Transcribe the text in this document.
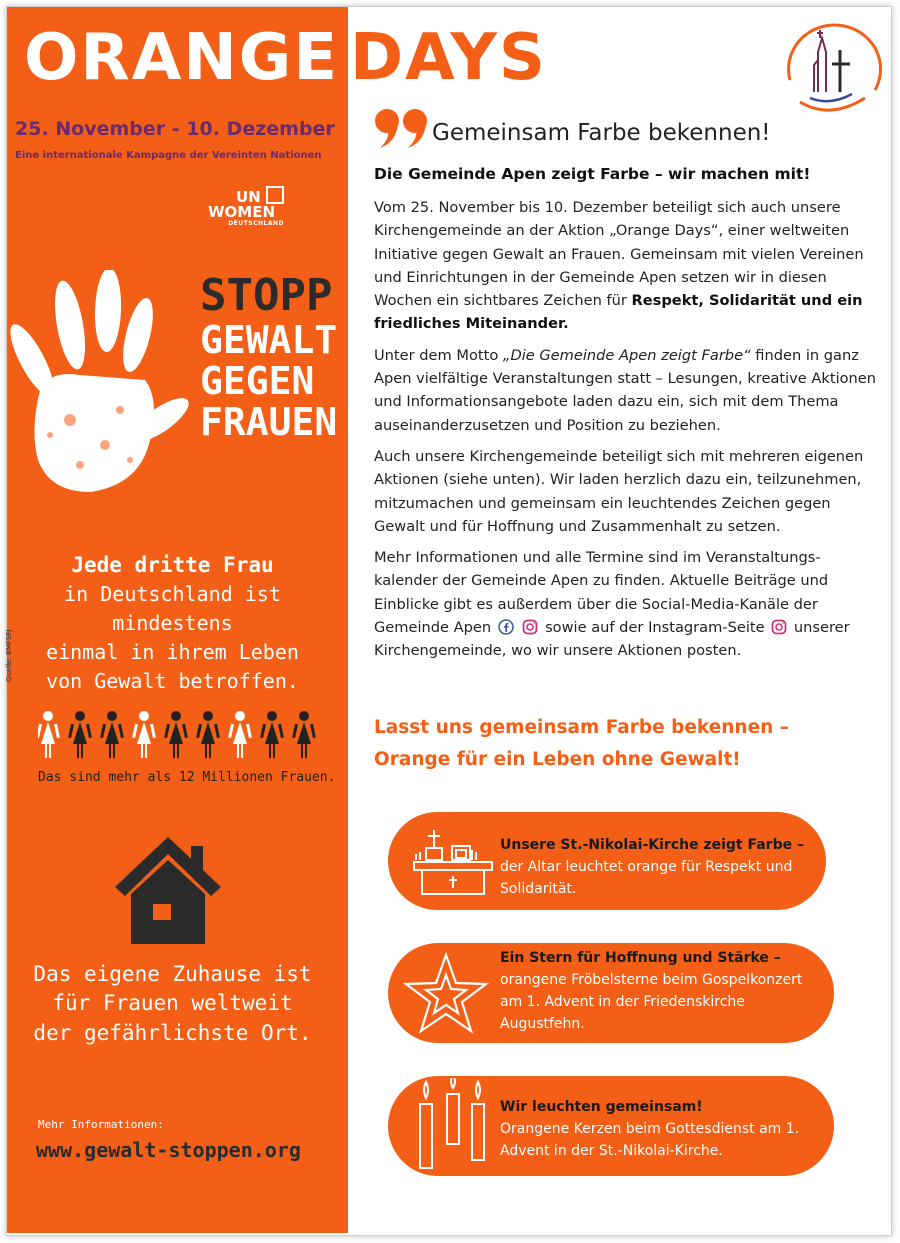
ORANGE DAYS
25. November - 10. Dezember
Eine internationale Kampagne der Vereinten Nationen
UN
WOMEN
DEUTSCHLAND
STOPP
GEWALT
GEGEN
FRAUEN
Jede dritte Frau
in Deutschland ist
mindestens
einmal in ihrem Leben
von Gewalt betroffen.
Das sind mehr als 12 Millionen Frauen.
Quelle: BMFSFJ
Das eigene Zuhause ist
für Frauen weltweit
der gefährlichste Ort.
Mehr Informationen:
www.gewalt-stoppen.org
Gemeinsam Farbe bekennen!
Die Gemeinde Apen zeigt Farbe – wir machen mit!

Vom 25. November bis 10. Dezember beteiligt sich auch unsere Kirchengemeinde an der Aktion „Orange Days“, einer weltweiten Initiative gegen Gewalt an Frauen. Gemeinsam mit vielen Vereinen und Einrichtungen in der Gemeinde Apen setzen wir in diesen Wochen ein sichtbares Zeichen für Respekt, Solidarität und ein friedliches Miteinander.

Unter dem Motto „Die Gemeinde Apen zeigt Farbe“ finden in ganz Apen vielfältige Veranstaltungen statt – Lesungen, kreative Aktionen und Informationsangebote laden dazu ein, sich mit dem Thema auseinanderzusetzen und Position zu beziehen.

Auch unsere Kirchengemeinde beteiligt sich mit mehreren eigenen Aktionen (siehe unten). Wir laden herzlich dazu ein, teilzunehmen, mitzumachen und gemeinsam ein leuchtendes Zeichen gegen Gewalt und für Hoffnung und Zusammenhalt zu setzen.

Mehr Informationen und alle Termine sind im Veranstaltungs-kalender der Gemeinde Apen zu finden. Aktuelle Beiträge und Einblicke gibt es außerdem über die Social-Media-Kanäle der Gemeinde Apen	sowie auf der Instagram-Seite unserer Kirchengemeinde, wo wir unsere Aktionen posten.

Lasst uns gemeinsam Farbe bekennen –
Orange für ein Leben ohne Gewalt!
Unsere St.-Nikolai-Kirche zeigt Farbe –
der Altar leuchtet orange für Respekt und Solidarität.
Ein Stern für Hoffnung und Stärke –
orangene Fröbelsterne beim Gospelkonzert am 1. Advent in der Friedenskirche Augustfehn.
Wir leuchten gemeinsam!
Orangene Kerzen beim Gottesdienst am 1. Advent in der St.-Nikolai-Kirche.
